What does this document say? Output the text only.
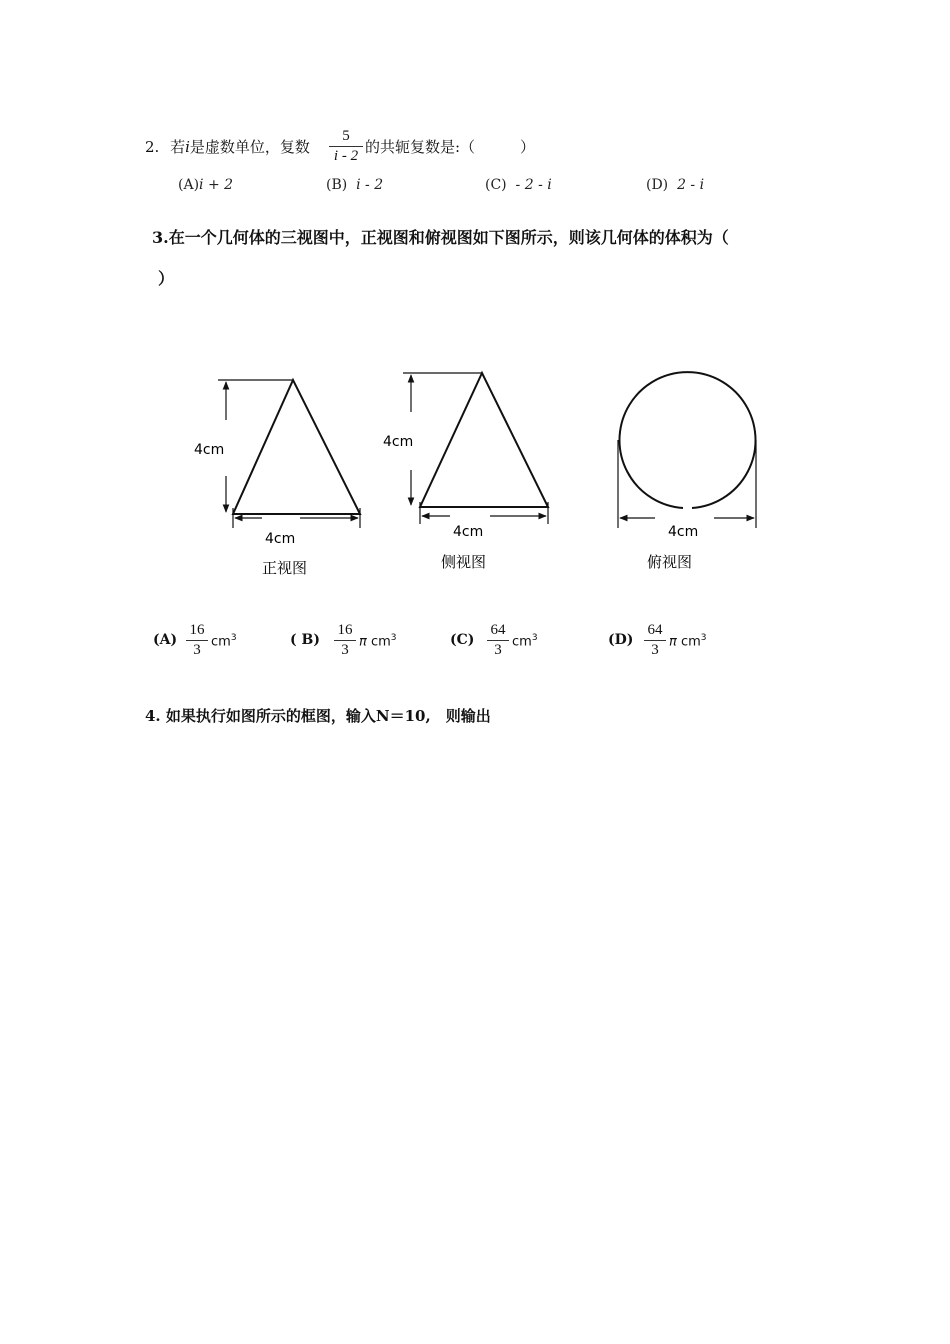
2. 若i是虚数单位，复数
5
i - 2 的共轭复数是:（　　　）
(A)i + 2	(B) i - 2	(C) - 2 - i	(D) 2 - i
3.在一个几何体的三视图中，正视图和俯视图如下图所示，则该几何体的体积为（
）
4cm
4cm
正视图
4cm
4cm
侧视图
4cm
俯视图
(A)
16
3 $cm^3$	( B)
16
3 π $cm^3$	(C)
64
3 $cm^3$	(D)
64
3 π $cm^3$
4. 如果执行如图所示的框图，输入N＝10,　则输出
